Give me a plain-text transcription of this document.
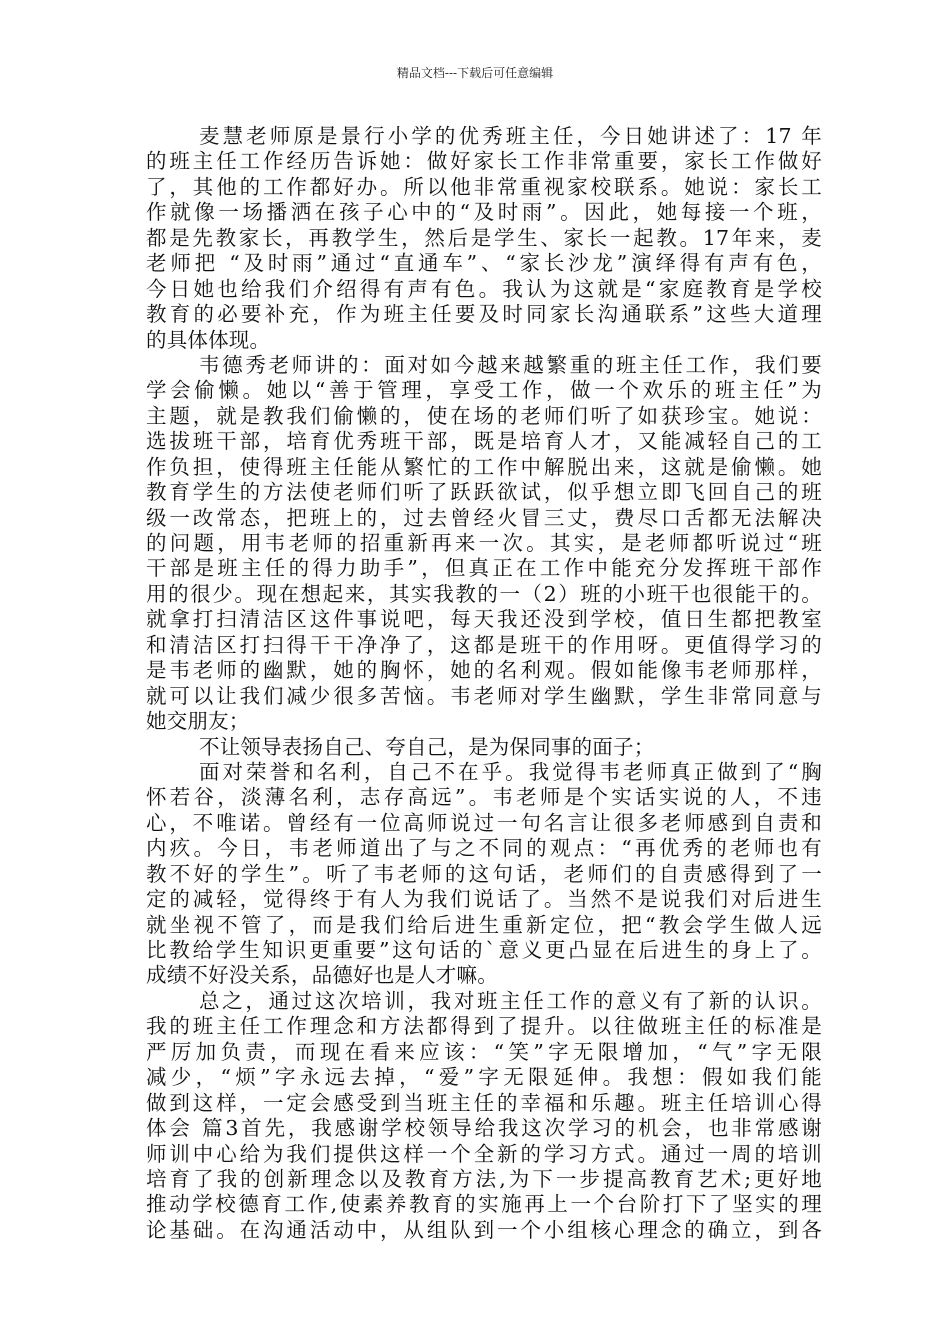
精品文档---下载后可任意编辑
麦慧老师原是景行小学的优秀班主任，今日她讲述了：17 年
的班主任工作经历告诉她：做好家长工作非常重要，家长工作做好
了，其他的工作都好办。所以他非常重视家校联系。她说：家长工
作就像一场播洒在孩子心中的“及时雨”。因此，她每接一个班，
都是先教家长，再教学生，然后是学生、家长一起教。17年来，麦
老师把 “及时雨”通过“直通车”、“家长沙龙”演绎得有声有色，
今日她也给我们介绍得有声有色。我认为这就是“家庭教育是学校
教育的必要补充，作为班主任要及时同家长沟通联系”这些大道理
的具体体现。
韦德秀老师讲的：面对如今越来越繁重的班主任工作，我们要
学会偷懒。她以“善于管理，享受工作，做一个欢乐的班主任”为
主题，就是教我们偷懒的，使在场的老师们听了如获珍宝。她说：
选拔班干部，培育优秀班干部，既是培育人才，又能减轻自己的工
作负担，使得班主任能从繁忙的工作中解脱出来，这就是偷懒。她
教育学生的方法使老师们听了跃跃欲试，似乎想立即飞回自己的班
级一改常态，把班上的，过去曾经火冒三丈，费尽口舌都无法解决
的问题，用韦老师的招重新再来一次。其实，是老师都听说过“班
干部是班主任的得力助手”，但真正在工作中能充分发挥班干部作
用的很少。现在想起来，其实我教的一（2）班的小班干也很能干的。
就拿打扫清洁区这件事说吧，每天我还没到学校，值日生都把教室
和清洁区打扫得干干净净了，这都是班干的作用呀。更值得学习的
是韦老师的幽默，她的胸怀，她的名利观。假如能像韦老师那样，
就可以让我们减少很多苦恼。韦老师对学生幽默，学生非常同意与
她交朋友；
不让领导表扬自己、夸自己，是为保同事的面子；
面对荣誉和名利，自己不在乎。我觉得韦老师真正做到了“胸
怀若谷，淡薄名利，志存高远”。韦老师是个实话实说的人，不违
心，不唯诺。曾经有一位高师说过一句名言让很多老师感到自责和
内疚。今日，韦老师道出了与之不同的观点：“再优秀的老师也有
教不好的学生”。听了韦老师的这句话，老师们的自责感得到了一
定的减轻，觉得终于有人为我们说话了。当然不是说我们对后进生
就坐视不管了，而是我们给后进生重新定位，把“教会学生做人远
比教给学生知识更重要”这句话的`意义更凸显在后进生的身上了。
成绩不好没关系，品德好也是人才嘛。
总之，通过这次培训，我对班主任工作的意义有了新的认识。
我的班主任工作理念和方法都得到了提升。以往做班主任的标准是
严厉加负责，而现在看来应该：“笑”字无限增加，“气”字无限
减少，“烦”字永远去掉，“爱”字无限延伸。我想：假如我们能
做到这样，一定会感受到当班主任的幸福和乐趣。班主任培训心得
体会 篇3首先，我感谢学校领导给我这次学习的机会，也非常感谢
师训中心给为我们提供这样一个全新的学习方式。通过一周的培训
培育了我的创新理念以及教育方法,为下一步提高教育艺术;更好地
推动学校德育工作,使素养教育的实施再上一个台阶打下了坚实的理
论基础。在沟通活动中，从组队到一个小组核心理念的确立，到各
